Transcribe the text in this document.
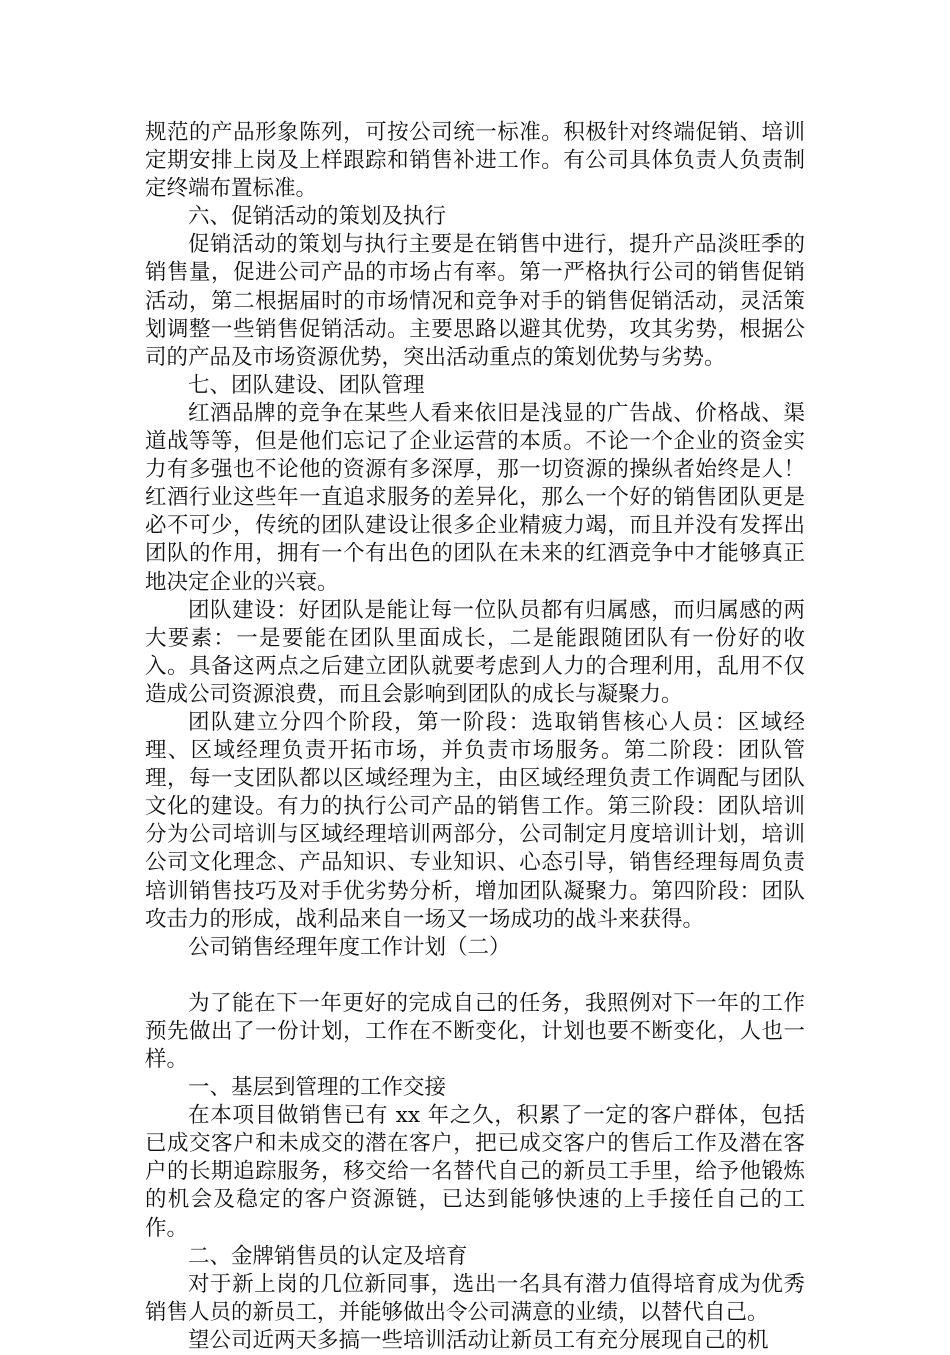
规范的产品形象陈列，可按公司统一标准。积极针对终端促销、培训定期安排上岗及上样跟踪和销售补进工作。有公司具体负责人负责制定终端布置标准。

六、促销活动的策划及执行

促销活动的策划与执行主要是在销售中进行，提升产品淡旺季的销售量，促进公司产品的市场占有率。第一严格执行公司的销售促销活动，第二根据届时的市场情况和竞争对手的销售促销活动，灵活策划调整一些销售促销活动。主要思路以避其优势，攻其劣势，根据公司的产品及市场资源优势，突出活动重点的策划优势与劣势。

七、团队建设、团队管理

红酒品牌的竞争在某些人看来依旧是浅显的广告战、价格战、渠道战等等，但是他们忘记了企业运营的本质。不论一个企业的资金实力有多强也不论他的资源有多深厚，那一切资源的操纵者始终是人！红酒行业这些年一直追求服务的差异化，那么一个好的销售团队更是必不可少，传统的团队建设让很多企业精疲力竭，而且并没有发挥出团队的作用，拥有一个有出色的团队在未来的红酒竞争中才能够真正地决定企业的兴衰。

团队建设：好团队是能让每一位队员都有归属感，而归属感的两大要素：一是要能在团队里面成长，二是能跟随团队有一份好的收入。具备这两点之后建立团队就要考虑到人力的合理利用，乱用不仅造成公司资源浪费，而且会影响到团队的成长与凝聚力。

团队建立分四个阶段，第一阶段：选取销售核心人员：区域经理、区域经理负责开拓市场，并负责市场服务。第二阶段：团队管理，每一支团队都以区域经理为主，由区域经理负责工作调配与团队文化的建设。有力的执行公司产品的销售工作。第三阶段：团队培训分为公司培训与区域经理培训两部分，公司制定月度培训计划，培训公司文化理念、产品知识、专业知识、心态引导，销售经理每周负责培训销售技巧及对手优劣势分析，增加团队凝聚力。第四阶段：团队攻击力的形成，战利品来自一场又一场成功的战斗来获得。

公司销售经理年度工作计划（二）

为了能在下一年更好的完成自己的任务，我照例对下一年的工作预先做出了一份计划，工作在不断变化，计划也要不断变化，人也一样。

一、基层到管理的工作交接

在本项目做销售已有 xx 年之久，积累了一定的客户群体，包括已成交客户和未成交的潜在客户，把已成交客户的售后工作及潜在客户的长期追踪服务，移交给一名替代自己的新员工手里，给予他锻炼的机会及稳定的客户资源链，已达到能够快速的上手接任自己的工作。

二、金牌销售员的认定及培育

对于新上岗的几位新同事，选出一名具有潜力值得培育成为优秀销售人员的新员工，并能够做出令公司满意的业绩，以替代自己。

望公司近两天多搞一些培训活动让新员工有充分展现自己的机
